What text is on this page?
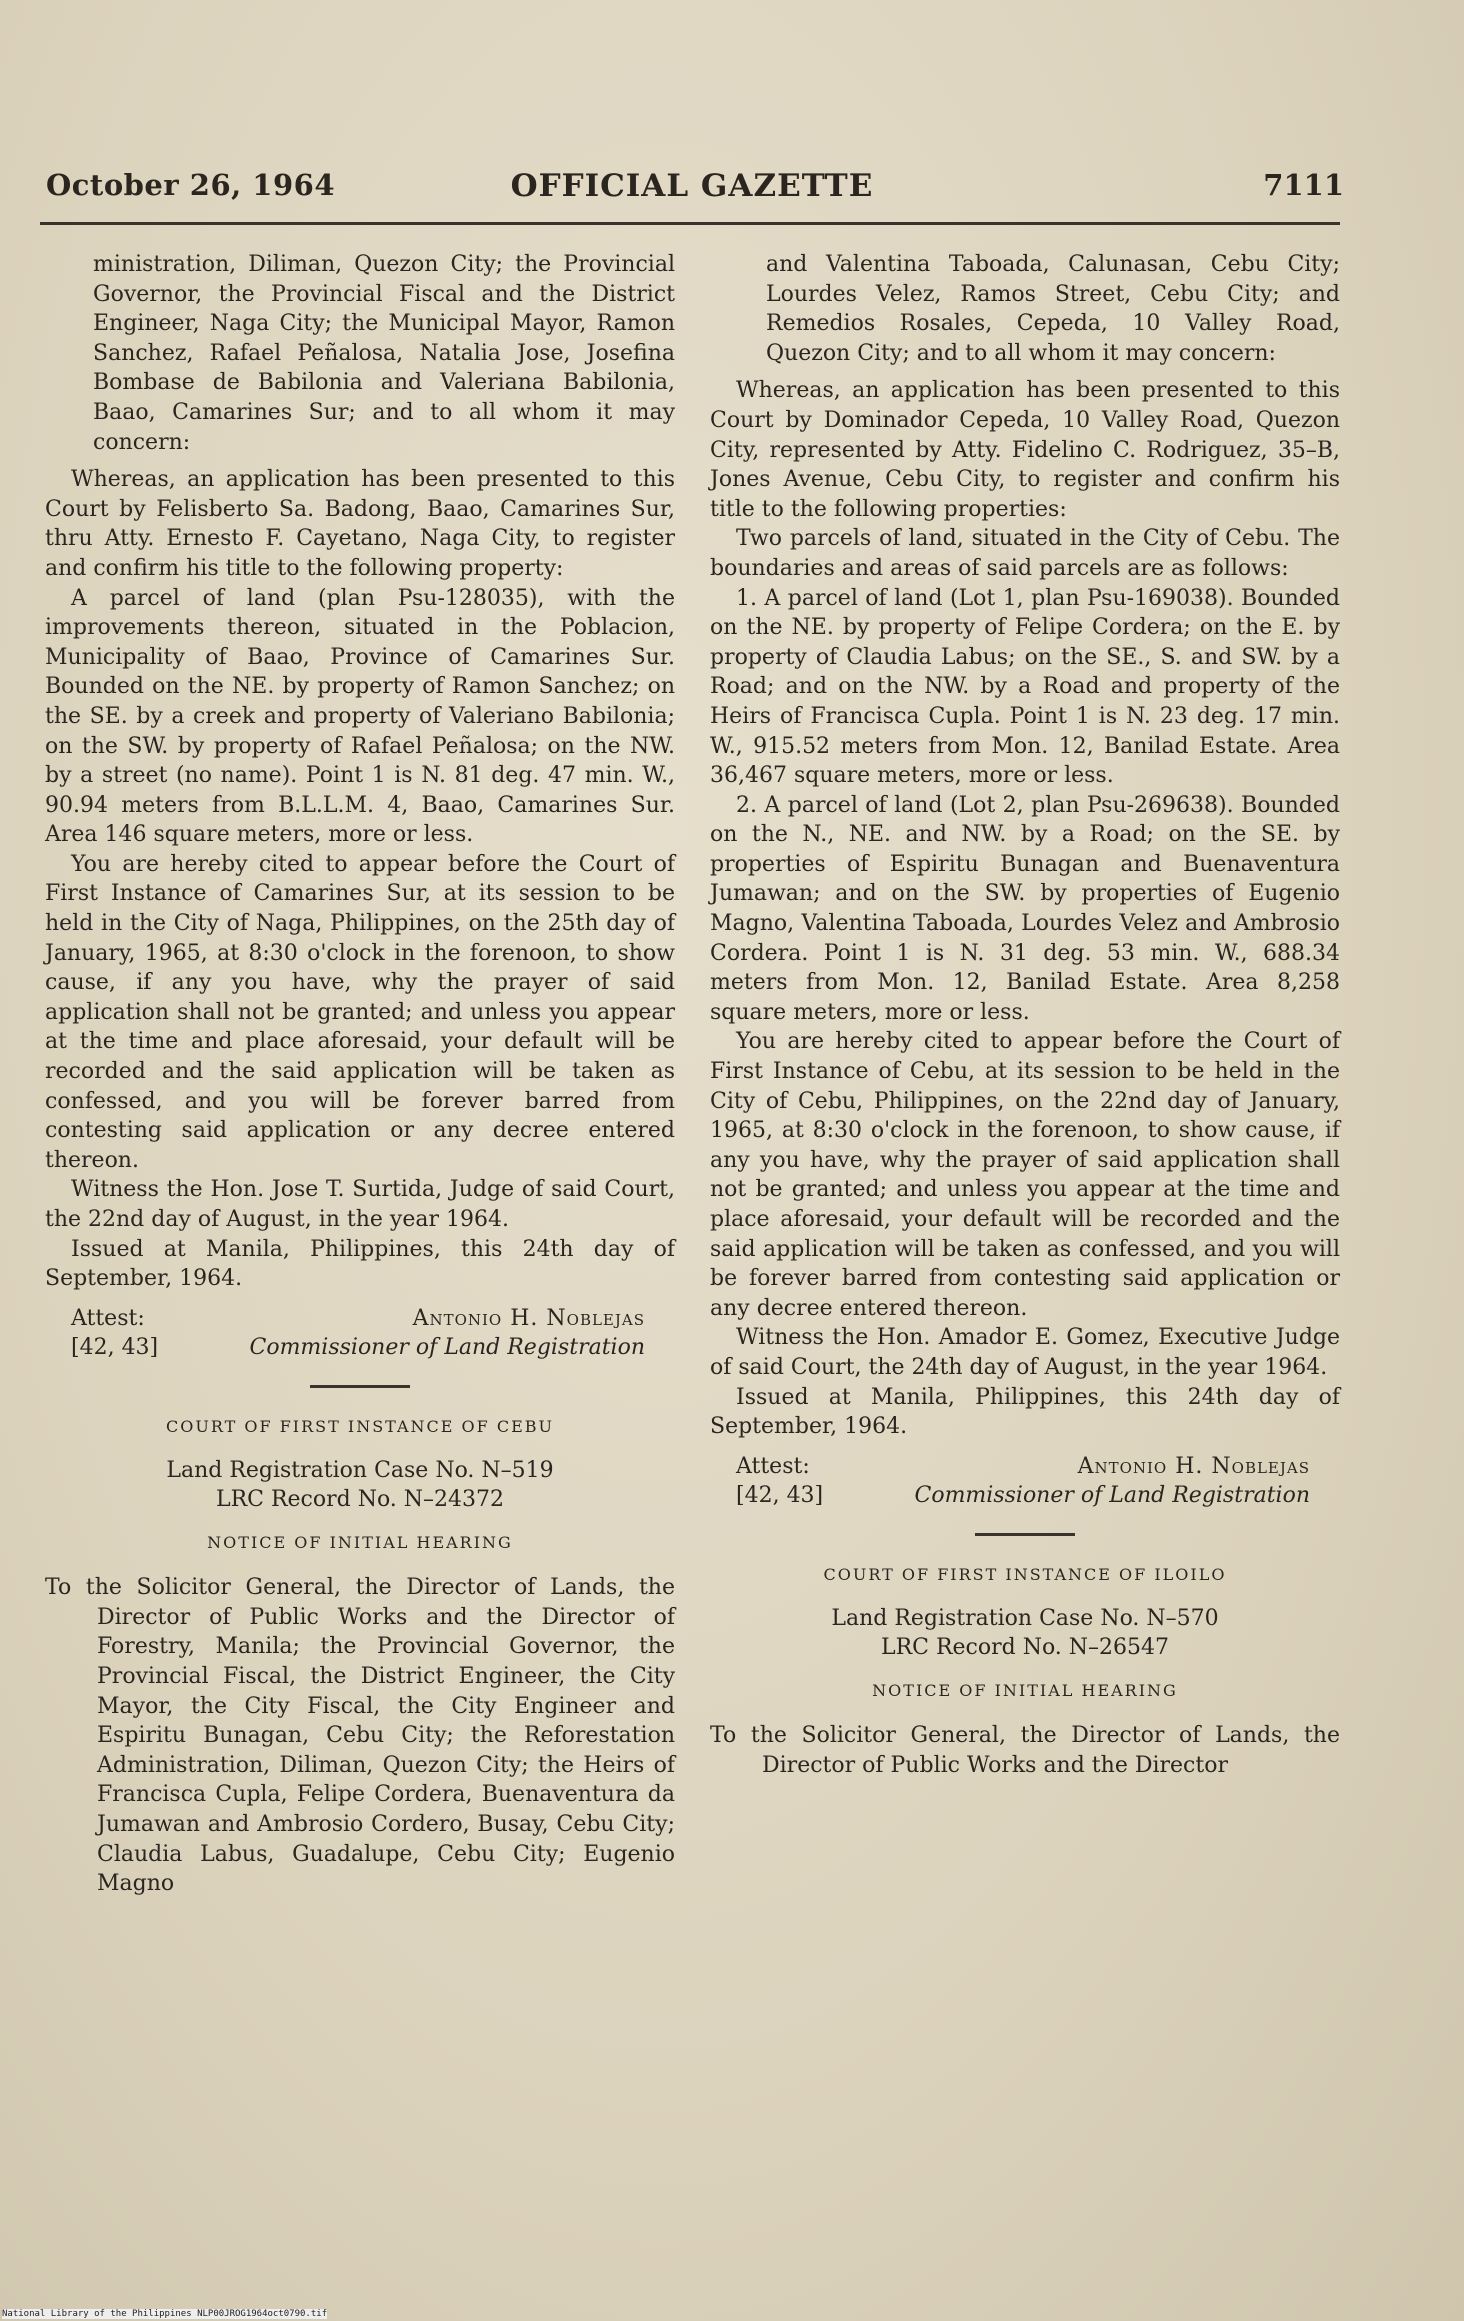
October 26, 1964	OFFICIAL GAZETTE	7111

ministration, Diliman, Quezon City; the Provincial Governor, the Provincial Fiscal and the District Engineer, Naga City; the Municipal Mayor, Ramon Sanchez, Rafael Peñalosa, Natalia Jose, Josefina Bombase de Babilonia and Valeriana Babilonia, Baao, Camarines Sur; and to all whom it may concern:

Whereas, an application has been presented to this Court by Felisberto Sa. Badong, Baao, Camarines Sur, thru Atty. Ernesto F. Cayetano, Naga City, to register and confirm his title to the following property:

A parcel of land (plan Psu-128035), with the improvements thereon, situated in the Poblacion, Municipality of Baao, Province of Camarines Sur. Bounded on the NE. by property of Ramon Sanchez; on the SE. by a creek and property of Valeriano Babilonia; on the SW. by property of Rafael Peñalosa; on the NW. by a street (no name). Point 1 is N. 81 deg. 47 min. W., 90.94 meters from B.L.L.M. 4, Baao, Camarines Sur. Area 146 square meters, more or less.

You are hereby cited to appear before the Court of First Instance of Camarines Sur, at its session to be held in the City of Naga, Philippines, on the 25th day of January, 1965, at 8:30 o'clock in the forenoon, to show cause, if any you have, why the prayer of said application shall not be granted; and unless you appear at the time and place aforesaid, your default will be recorded and the said application will be taken as confessed, and you will be forever barred from contesting said application or any decree entered thereon.

Witness the Hon. Jose T. Surtida, Judge of said Court, the 22nd day of August, in the year 1964.

Issued at Manila, Philippines, this 24th day of September, 1964.

Attest:	Antonio H. Noblejas
[42, 43]	Commissioner of Land Registration
COURT OF FIRST INSTANCE OF CEBU
Land Registration Case No. N–519
LRC Record No. N–24372
NOTICE OF INITIAL HEARING

To the Solicitor General, the Director of Lands, the Director of Public Works and the Director of Forestry, Manila; the Provincial Governor, the Provincial Fiscal, the District Engineer, the City Mayor, the City Fiscal, the City Engineer and Espiritu Bunagan, Cebu City; the Reforestation Administration, Diliman, Quezon City; the Heirs of Francisca Cupla, Felipe Cordera, Buenaventura da Jumawan and Ambrosio Cordero, Busay, Cebu City; Claudia Labus, Guadalupe, Cebu City; Eugenio Magno

and Valentina Taboada, Calunasan, Cebu City; Lourdes Velez, Ramos Street, Cebu City; and Remedios Rosales, Cepeda, 10 Valley Road, Quezon City; and to all whom it may concern:

Whereas, an application has been presented to this Court by Dominador Cepeda, 10 Valley Road, Quezon City, represented by Atty. Fidelino C. Rodriguez, 35–B, Jones Avenue, Cebu City, to register and confirm his title to the following properties:

Two parcels of land, situated in the City of Cebu. The boundaries and areas of said parcels are as follows:

1. A parcel of land (Lot 1, plan Psu-169038). Bounded on the NE. by property of Felipe Cordera; on the E. by property of Claudia Labus; on the SE., S. and SW. by a Road; and on the NW. by a Road and property of the Heirs of Francisca Cupla. Point 1 is N. 23 deg. 17 min. W., 915.52 meters from Mon. 12, Banilad Estate. Area 36,467 square meters, more or less.

2. A parcel of land (Lot 2, plan Psu-269638). Bounded on the N., NE. and NW. by a Road; on the SE. by properties of Espiritu Bunagan and Buenaventura Jumawan; and on the SW. by properties of Eugenio Magno, Valentina Taboada, Lourdes Velez and Ambrosio Cordera. Point 1 is N. 31 deg. 53 min. W., 688.34 meters from Mon. 12, Banilad Estate. Area 8,258 square meters, more or less.

You are hereby cited to appear before the Court of First Instance of Cebu, at its session to be held in the City of Cebu, Philippines, on the 22nd day of January, 1965, at 8:30 o'clock in the forenoon, to show cause, if any you have, why the prayer of said application shall not be granted; and unless you appear at the time and place aforesaid, your default will be recorded and the said application will be taken as confessed, and you will be forever barred from contesting said application or any decree entered thereon.

Witness the Hon. Amador E. Gomez, Executive Judge of said Court, the 24th day of August, in the year 1964.

Issued at Manila, Philippines, this 24th day of September, 1964.

Attest:	Antonio H. Noblejas
[42, 43]	Commissioner of Land Registration
COURT OF FIRST INSTANCE OF ILOILO
Land Registration Case No. N–570
LRC Record No. N–26547
NOTICE OF INITIAL HEARING

To the Solicitor General, the Director of Lands, the Director of Public Works and the Director

National Library of the Philippines NLP00JROG1964oct0790.tif
